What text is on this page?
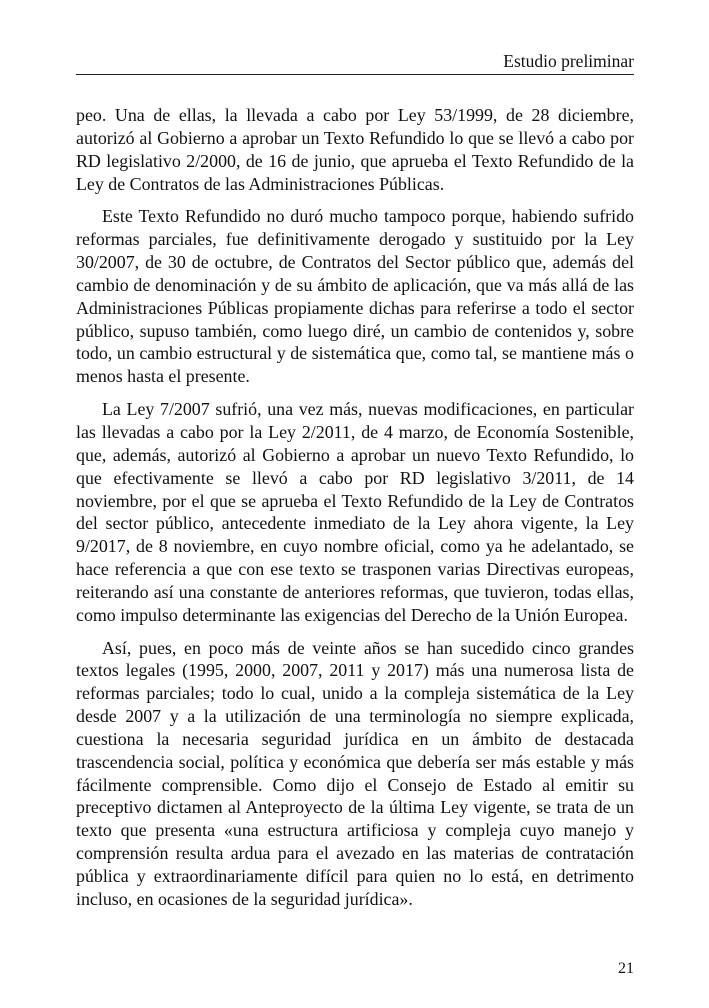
Estudio preliminar

peo. Una de ellas, la llevada a cabo por Ley 53/1999, de 28 diciembre, autorizó al Gobierno a aprobar un Texto Refundido lo que se llevó a cabo por RD legislativo 2/2000, de 16 de junio, que aprueba el Texto Refundido de la Ley de Contratos de las Administraciones Públicas.

Este Texto Refundido no duró mucho tampoco porque, habiendo sufrido reformas parciales, fue definitivamente derogado y sustituido por la Ley 30/2007, de 30 de octubre, de Contratos del Sector público que, además del cambio de denominación y de su ámbito de aplicación, que va más allá de las Administraciones Públicas propiamente dichas para referirse a todo el sector público, supuso también, como luego diré, un cambio de contenidos y, sobre todo, un cambio estructural y de sistemática que, como tal, se mantiene más o menos hasta el presente.

La Ley 7/2007 sufrió, una vez más, nuevas modificaciones, en particular las llevadas a cabo por la Ley 2/2011, de 4 marzo, de Economía Sostenible, que, además, autorizó al Gobierno a aprobar un nuevo Texto Refundido, lo que efectivamente se llevó a cabo por RD legislativo 3/2011, de 14 noviembre, por el que se aprueba el Texto Refundido de la Ley de Contratos del sector público, antecedente inmediato de la Ley ahora vigente, la Ley 9/2017, de 8 noviembre, en cuyo nombre oficial, como ya he adelantado, se hace referencia a que con ese texto se trasponen varias Directivas europeas, reiterando así una constante de anteriores reformas, que tuvieron, todas ellas, como impulso determinante las exigencias del Derecho de la Unión Europea.

Así, pues, en poco más de veinte años se han sucedido cinco grandes textos legales (1995, 2000, 2007, 2011 y 2017) más una numerosa lista de reformas parciales; todo lo cual, unido a la compleja sistemática de la Ley desde 2007 y a la utilización de una terminología no siempre explicada, cuestiona la necesaria seguridad jurídica en un ámbito de destacada trascendencia social, política y económica que debería ser más estable y más fácilmente comprensible. Como dijo el Consejo de Estado al emitir su preceptivo dictamen al Anteproyecto de la última Ley vigente, se trata de un texto que presenta «una estructura artificiosa y compleja cuyo manejo y comprensión resulta ardua para el avezado en las materias de contratación pública y extraordinariamente difícil para quien no lo está, en detrimento incluso, en ocasiones de la seguridad jurídica».

21
